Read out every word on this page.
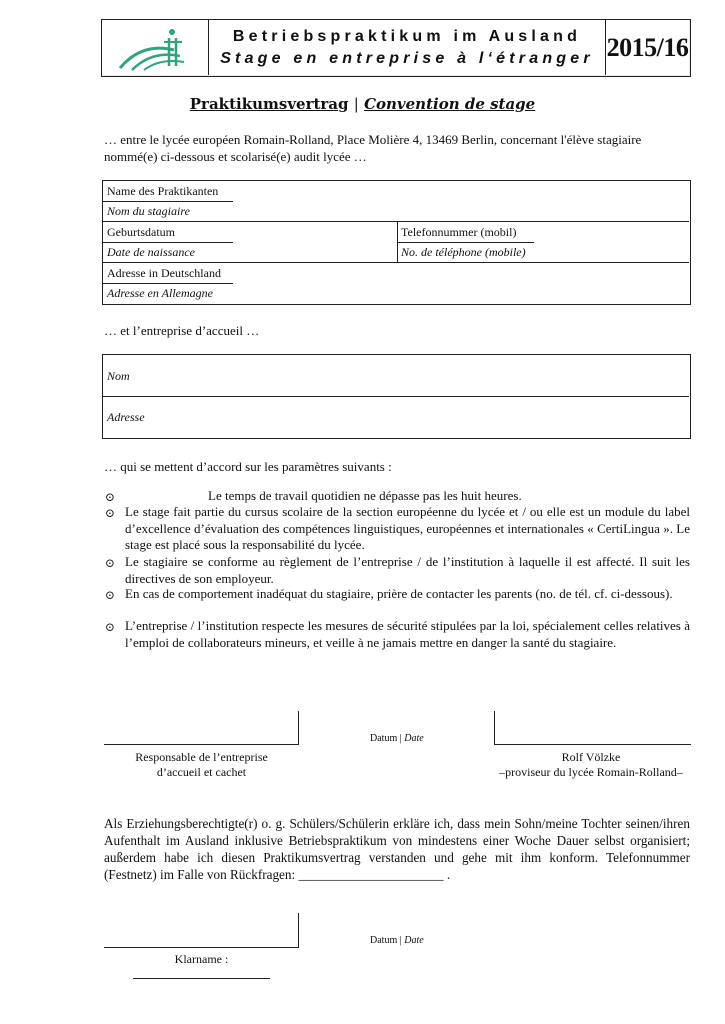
Betriebspraktikum im Ausland
Stage en entreprise à l‘étranger 2015/16
Praktikumsvertrag | Convention de stage
… entre le lycée européen Romain-Rolland, Place Molière 4, 13469 Berlin, concernant l'élève stagiaire nommé(e) ci-dessous et scolarisé(e) audit lycée …
Name des Praktikanten
Nom du stagiaire
Geburtsdatum
Date de naissance
Telefonnummer (mobil)
No. de téléphone (mobile)
Adresse in Deutschland
Adresse en Allemagne
… et l’entreprise d’accueil …
Nom
Adresse
… qui se mettent d’accord sur les paramètres suivants :
⊙	Le temps de travail quotidien ne dépasse pas les huit heures.
⊙ Le stage fait partie du cursus scolaire de la section européenne du lycée et / ou elle est un module du label d’excellence d’évaluation des compétences linguistiques, européennes et internationales « CertiLingua ». Le stage est placé sous la responsabilité du lycée.
⊙ Le stagiaire se conforme au règlement de l’entreprise / de l’institution à laquelle il est affecté. Il suit les directives de son employeur.
⊙ En cas de comportement inadéquat du stagiaire, prière de contacter les parents (no. de tél. cf. ci-dessous).
⊙ L’entreprise / l’institution respecte les mesures de sécurité stipulées par la loi, spécialement celles relatives à l’emploi de collaborateurs mineurs, et veille à ne jamais mettre en danger la santé du stagiaire.
Responsable de l’entreprise
d’accueil et cachet
Datum | Date
Rolf Völzke
–proviseur du lycée Romain-Rolland–
Als Erziehungsberechtigte(r) o. g. Schülers/Schülerin erkläre ich, dass mein Sohn/meine Tochter seinen/ihren Aufenthalt im Ausland inklusive Betriebspraktikum von mindestens einer Woche Dauer selbst organisiert; außerdem habe ich diesen Praktikumsvertrag verstanden und gehe mit ihm konform. Telefonnummer (Festnetz) im Falle von Rückfragen: ______________________ .
Klarname :
Datum | Date
